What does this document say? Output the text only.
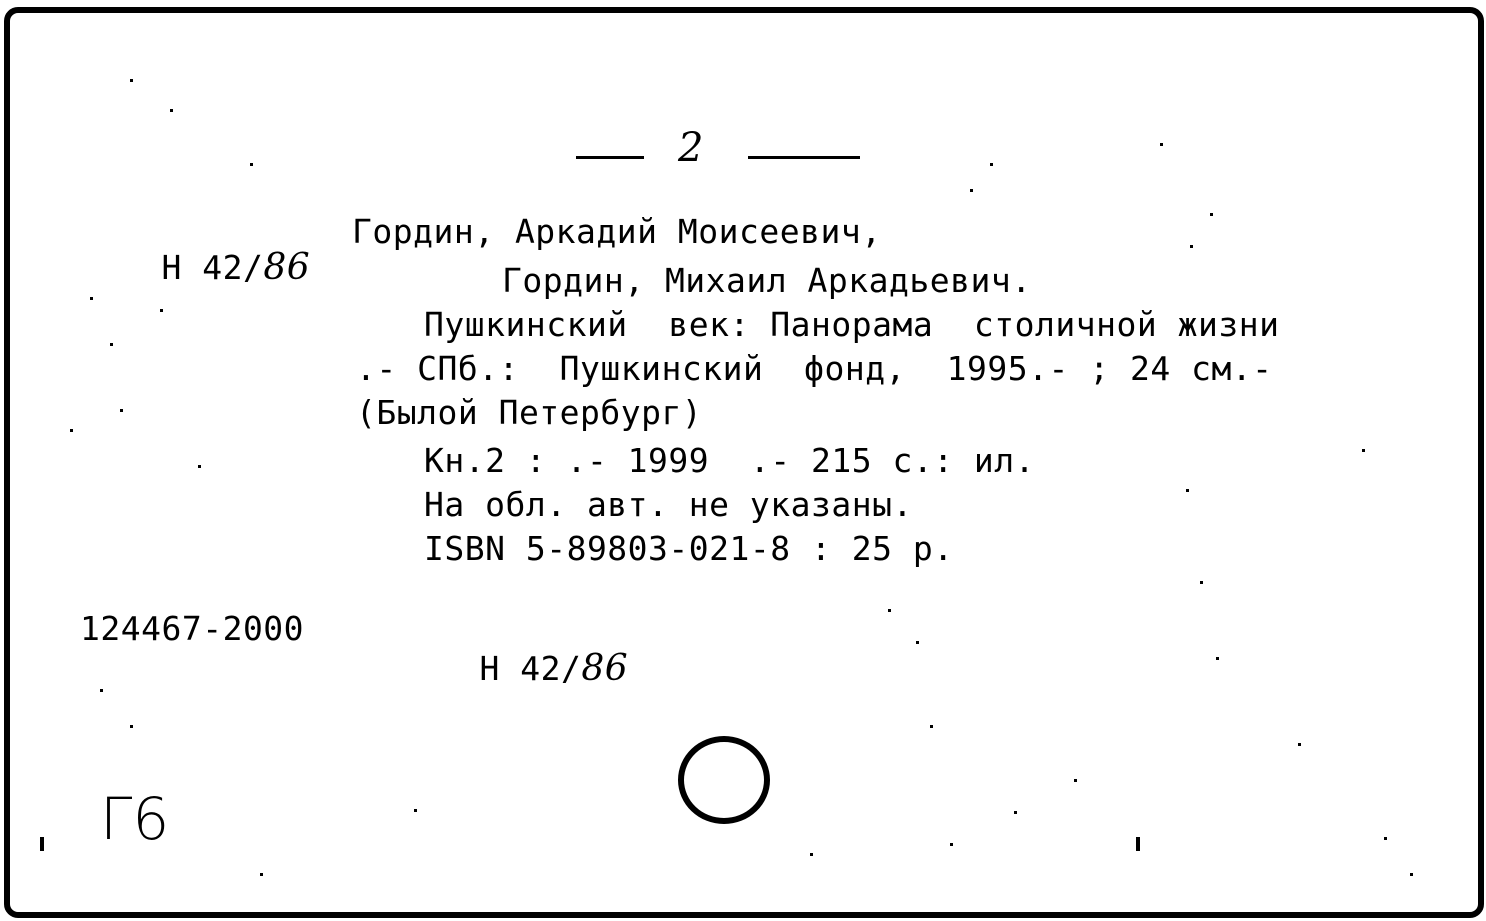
2

Н 42/86

Гордин, Аркадий Моисеевич,
Гордин, Михаил Аркадьевич.
Пушкинский  век: Панорама  столичной жизни
.- СПб.:  Пушкинский  фонд,  1995.- ; 24 см.-
(Былой Петербург)
Кн.2 : .- 1999  .- 215 с.: ил.
На обл. авт. не указаны.
ISBN 5-89803-021-8 : 25 р.
124467-2000

Н 42/86

Г6
